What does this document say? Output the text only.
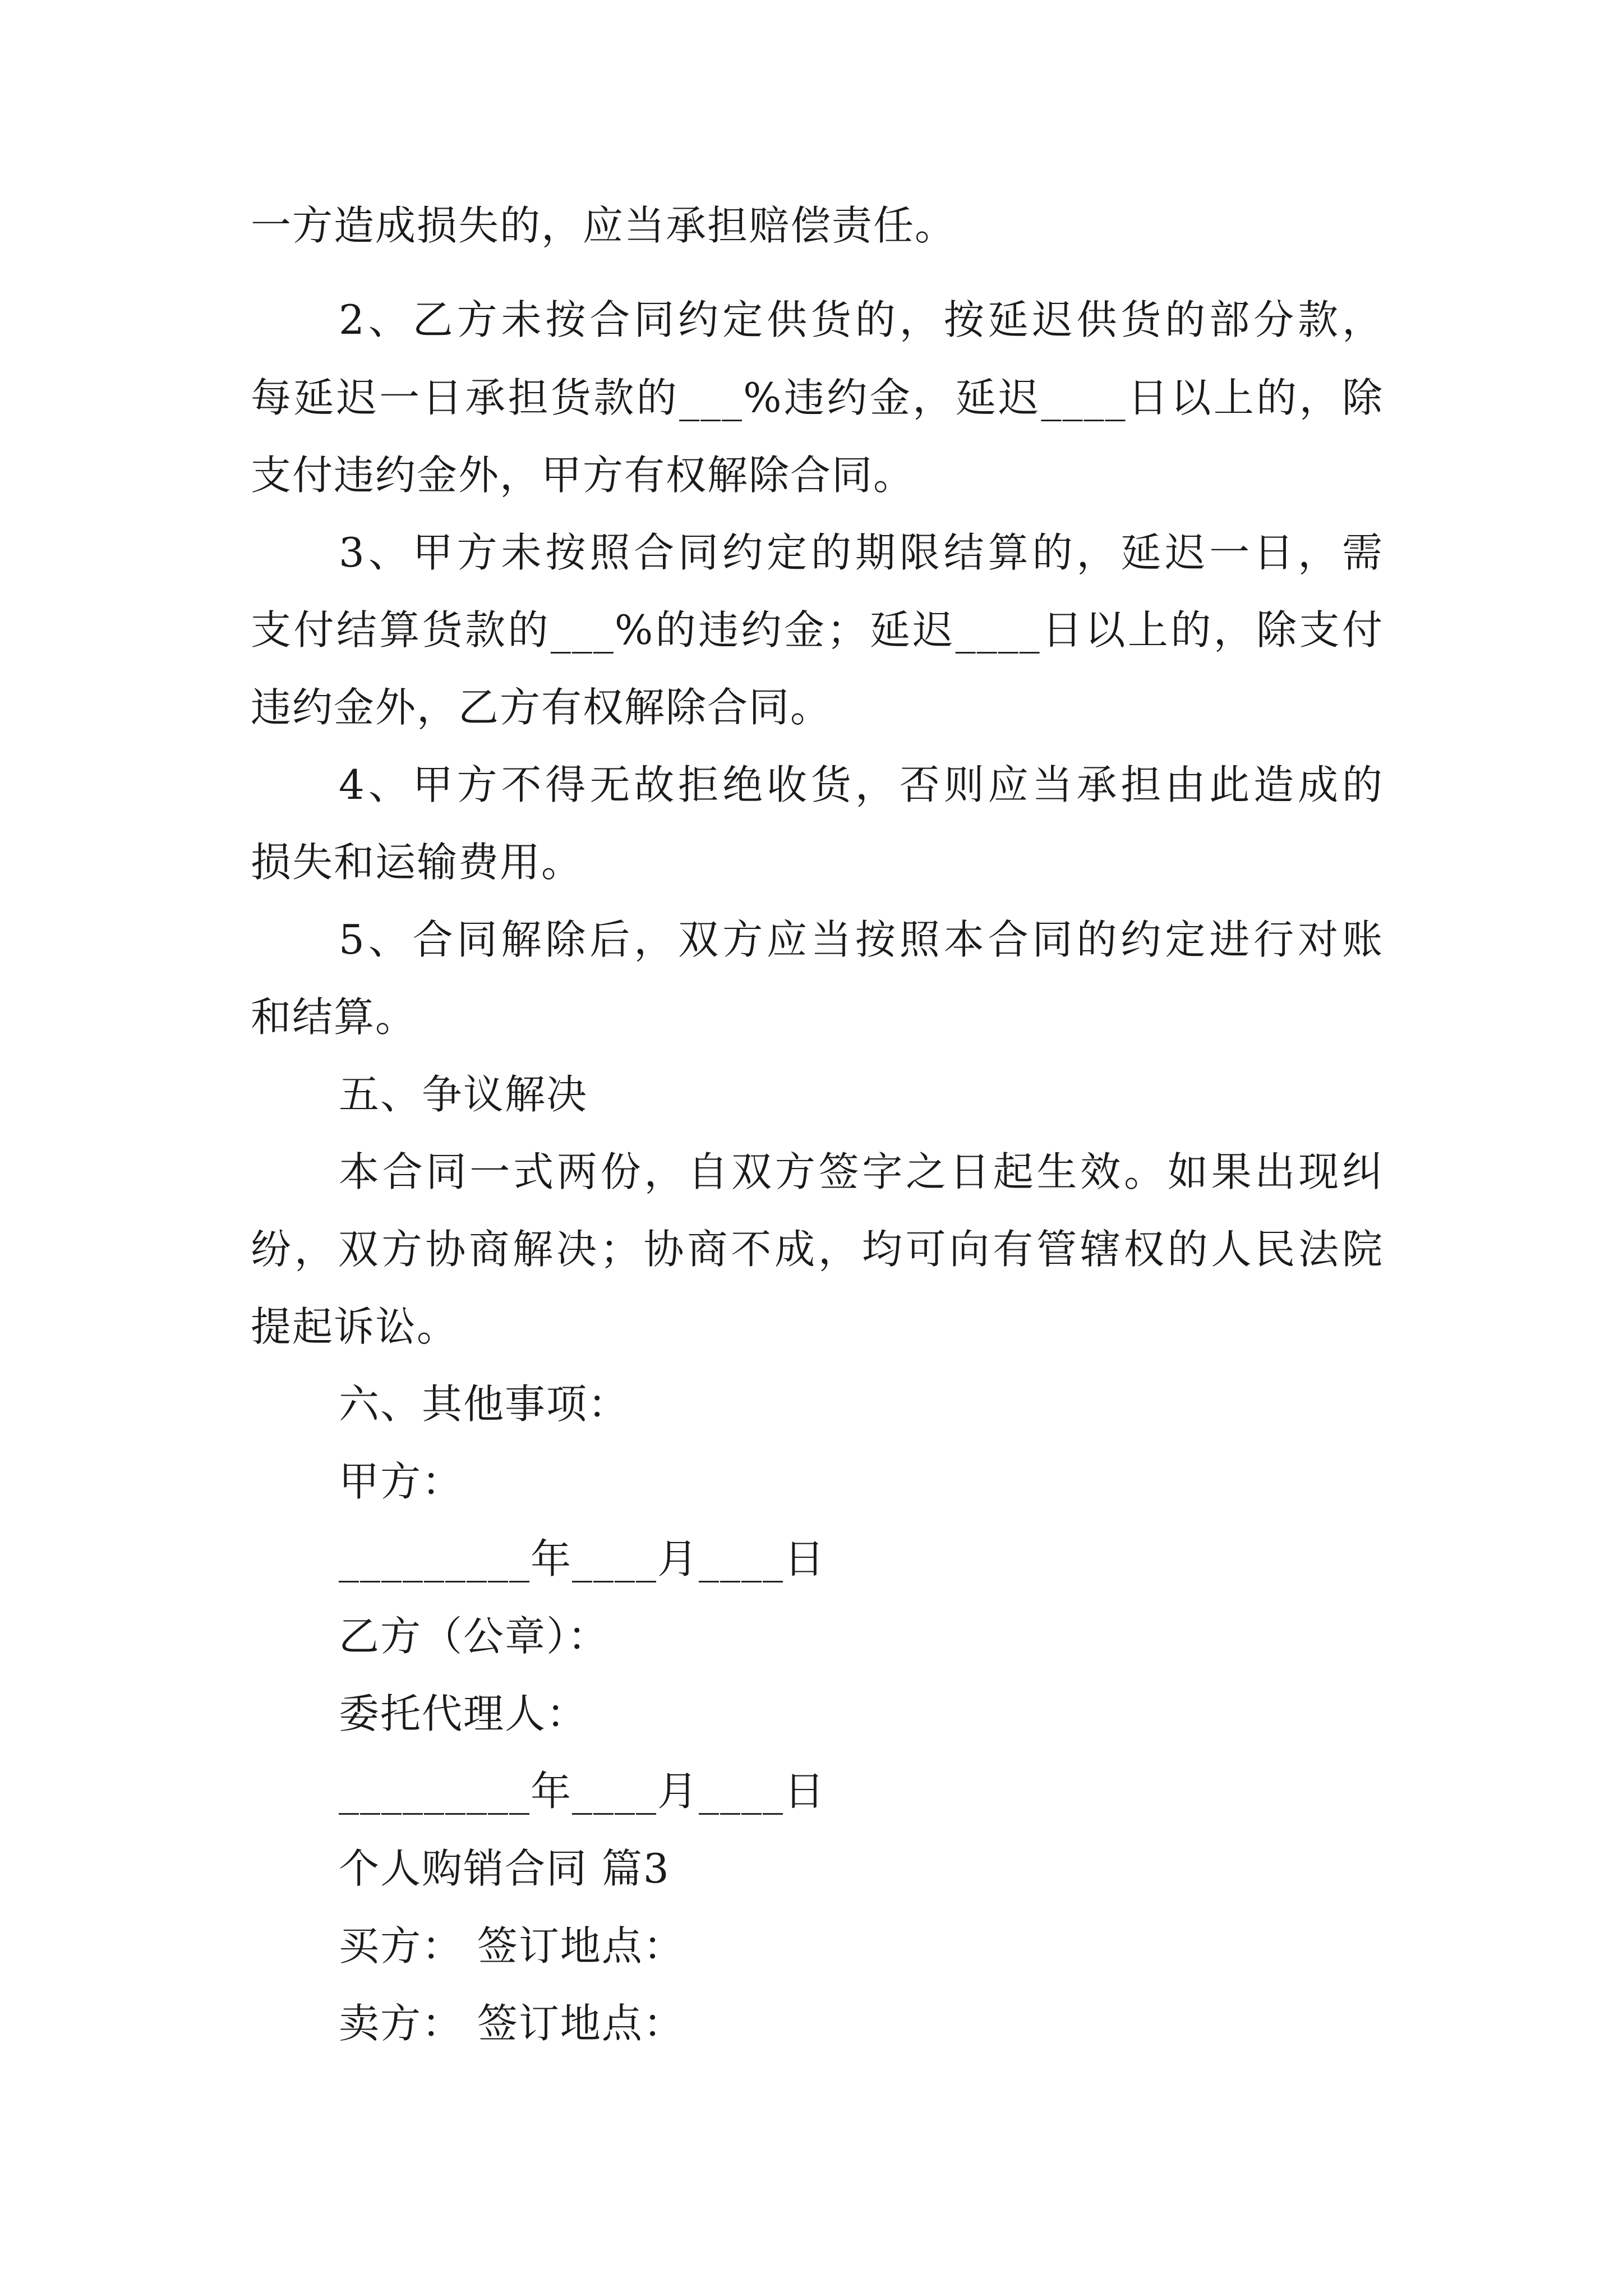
一方造成损失的，应当承担赔偿责任。
2、乙方未按合同约定供货的，按延迟供货的部分款，
每延迟一日承担货款的___%违约金，延迟____日以上的，除
支付违约金外，甲方有权解除合同。
3、甲方未按照合同约定的期限结算的，延迟一日，需
支付结算货款的___%的违约金；延迟____日以上的，除支付
违约金外，乙方有权解除合同。
4、甲方不得无故拒绝收货，否则应当承担由此造成的
损失和运输费用。
5、合同解除后，双方应当按照本合同的约定进行对账
和结算。
五、争议解决
本合同一式两份，自双方签字之日起生效。如果出现纠
纷，双方协商解决；协商不成，均可向有管辖权的人民法院
提起诉讼。
六、其他事项：
甲方：
_________年____月____日
乙方（公章）：
委托代理人：
_________年____月____日
个人购销合同 篇3
买方： 签订地点：
卖方： 签订地点：
